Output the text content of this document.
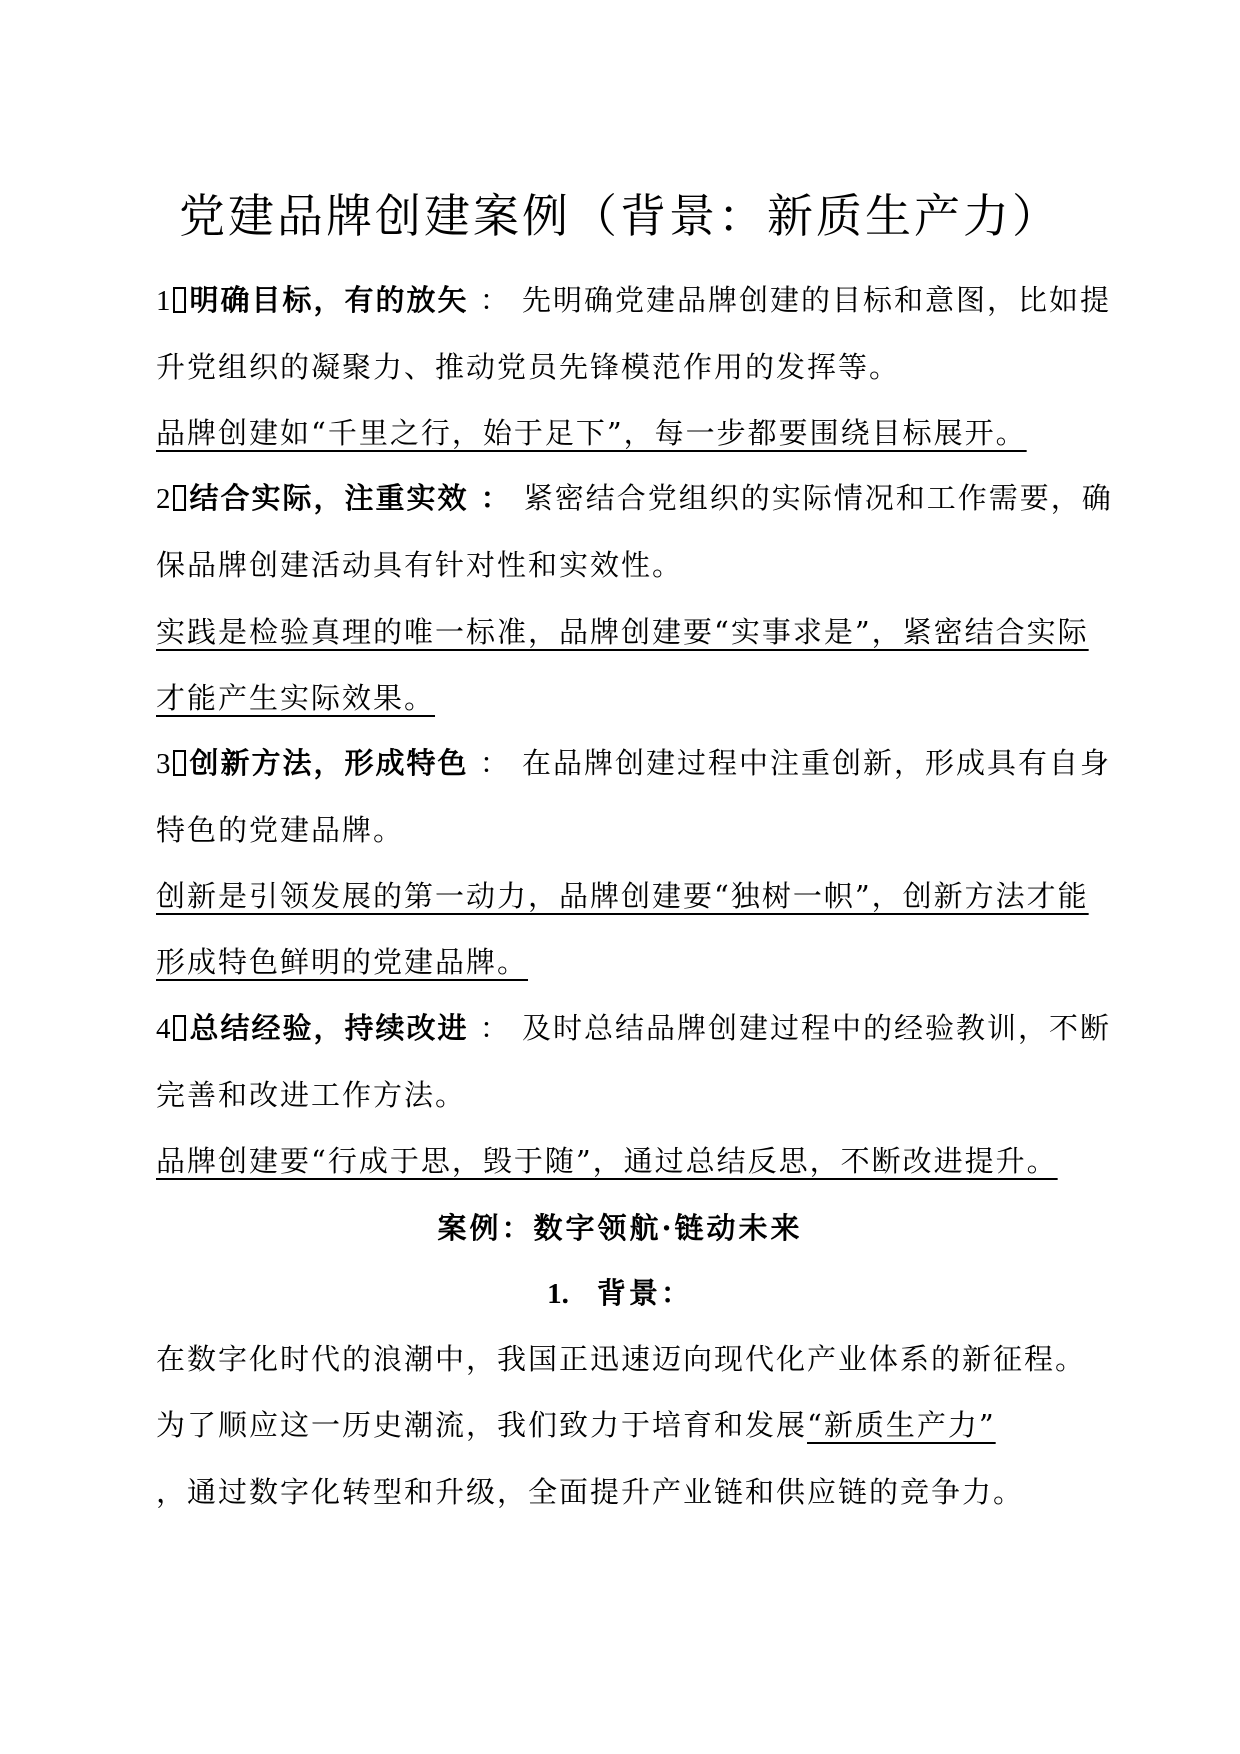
党建品牌创建案例（背景：新质生产力）
1 明确目标，有的放矢 ： 先明确党建品牌创建的目标和意图，比如提
升党组织的凝聚力、推动党员先锋模范作用的发挥等。
品牌创建如“千里之行，始于足下”，每一步都要围绕目标展开。
2 结合实际，注重实效 ： 紧密结合党组织的实际情况和工作需要，确
保品牌创建活动具有针对性和实效性。
实践是检验真理的唯一标准，品牌创建要“实事求是”，紧密结合实际
才能产生实际效果。
3 创新方法，形成特色 ： 在品牌创建过程中注重创新，形成具有自身
特色的党建品牌。
创新是引领发展的第一动力，品牌创建要“独树一帜”，创新方法才能
形成特色鲜明的党建品牌。
4 总结经验，持续改进 ： 及时总结品牌创建过程中的经验教训，不断
完善和改进工作方法。
品牌创建要“行成于思，毁于随”，通过总结反思，不断改进提升。
案例：数字领航·链动未来
1. 背景：
在数字化时代的浪潮中，我国正迅速迈向现代化产业体系的新征程。
为了顺应这一历史潮流，我们致力于培育和发展“新质生产力”
，通过数字化转型和升级，全面提升产业链和供应链的竞争力。
